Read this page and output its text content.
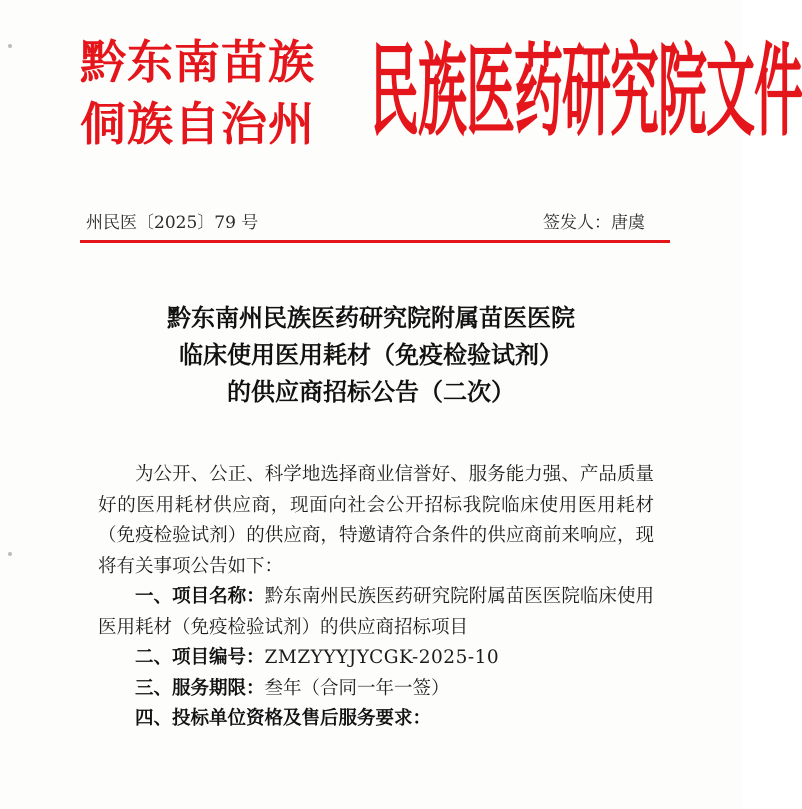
黔东南苗族
侗族自治州	民族医药研究院文件
州民医〔2025〕79 号	签发人：唐虞
黔东南州民族医药研究院附属苗医医院
临床使用医用耗材（免疫检验试剂）
的供应商招标公告（二次）

为公开、公正、科学地选择商业信誉好、服务能力强、产品质量好的医用耗材供应商，现面向社会公开招标我院临床使用医用耗材（免疫检验试剂）的供应商，特邀请符合条件的供应商前来响应，现将有关事项公告如下：

一、项目名称：黔东南州民族医药研究院附属苗医医院临床使用医用耗材（免疫检验试剂）的供应商招标项目

二、项目编号：ZMZYYYJYCGK-2025-10

三、服务期限：叁年（合同一年一签）

四、投标单位资格及售后服务要求：
